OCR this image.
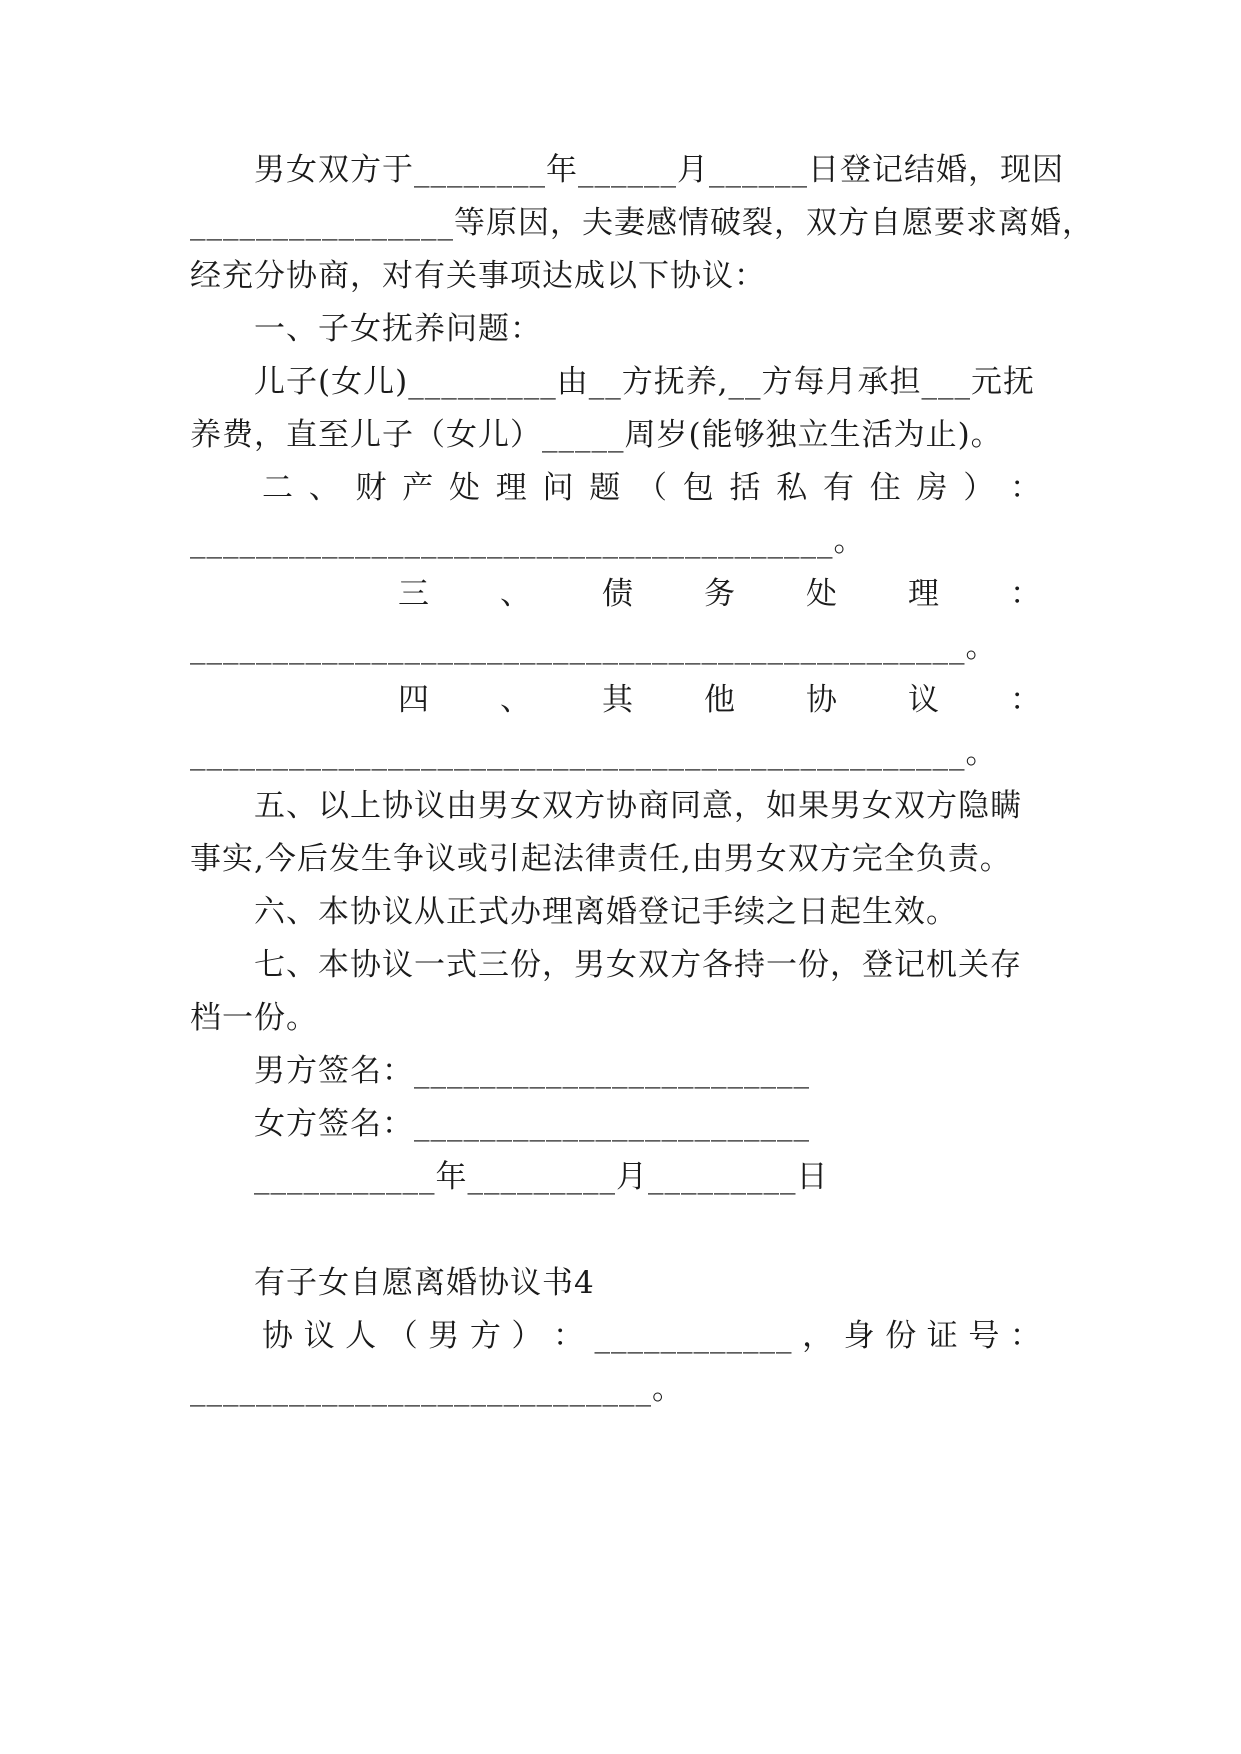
　　男女双方于________年______月______日登记结婚，现因
________________等原因，夫妻感情破裂，双方自愿要求离婚，
经充分协商，对有关事项达成以下协议：
　　一、子女抚养问题：
　　儿子(女儿)_________由__方抚养,__方每月承担___元抚
养费，直至儿子（女儿）_____周岁(能够独立生活为止)。
二 、 财 产 处 理 问 题 （ 包 括 私 有 住 房 ） ：
_______________________________________。
三 、 债 务 处 理 ：
_______________________________________________。
四 、 其 他 协 议 ：
_______________________________________________。
　　五、以上协议由男女双方协商同意，如果男女双方隐瞒
事实,今后发生争议或引起法律责任,由男女双方完全负责。
　　六、本协议从正式办理离婚登记手续之日起生效。
　　七、本协议一式三份，男女双方各持一份，登记机关存
档一份。
　　男方签名：________________________
　　女方签名：________________________
　　___________年_________月_________日
　　有子女自愿离婚协议书4
协 议 人 （ 男 方 ） ： ____________ ， 身 份 证 号 ：
____________________________。
